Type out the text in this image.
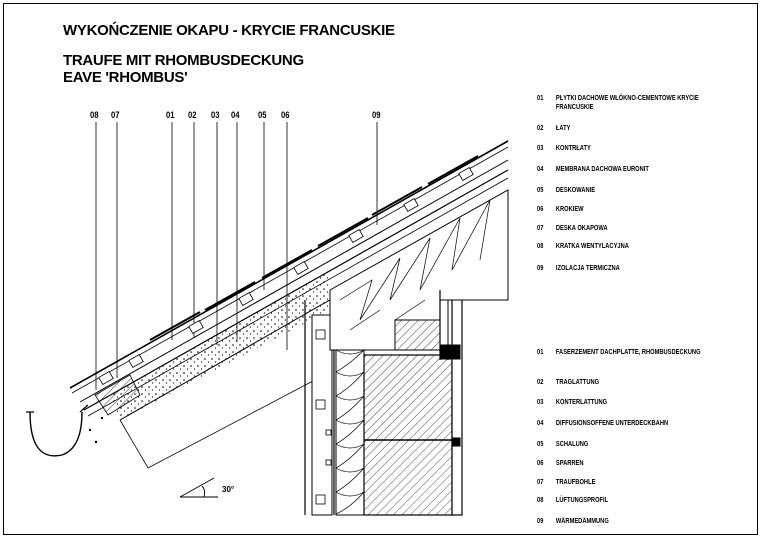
WYKOŃCZENIE OKAPU - KRYCIE FRANCUSKIE
TRAUFE MIT RHOMBUSDECKUNG
EAVE 'RHOMBUS'
08 07	01 02 03 04 05 06	09
01 PŁYTKI DACHOWE WŁÓKNO-CEMENTOWE KRYCIE FRANCUSKIE
02 ŁATY
03 KONTRŁATY
04 MEMBRANA DACHOWA EURONIT
05 DESKOWANIE
06 KROKIEW
07 DESKA OKAPOWA
08 KRATKA WENTYLACYJNA
09 IZOLACJA TERMICZNA
01 FASERZEMENT DACHPLATTE, RHOMBUSDECKUNG
02 TRAGLATTUNG
03 KONTERLATTUNG
04 DIFFUSIONSOFFENE UNTERDECKBAHN
05 SCHALUNG
06 SPARREN
07 TRAUFBOHLE
08 LÜFTUNGSPROFIL
09 WÄRMEDÄMMUNG
30°
